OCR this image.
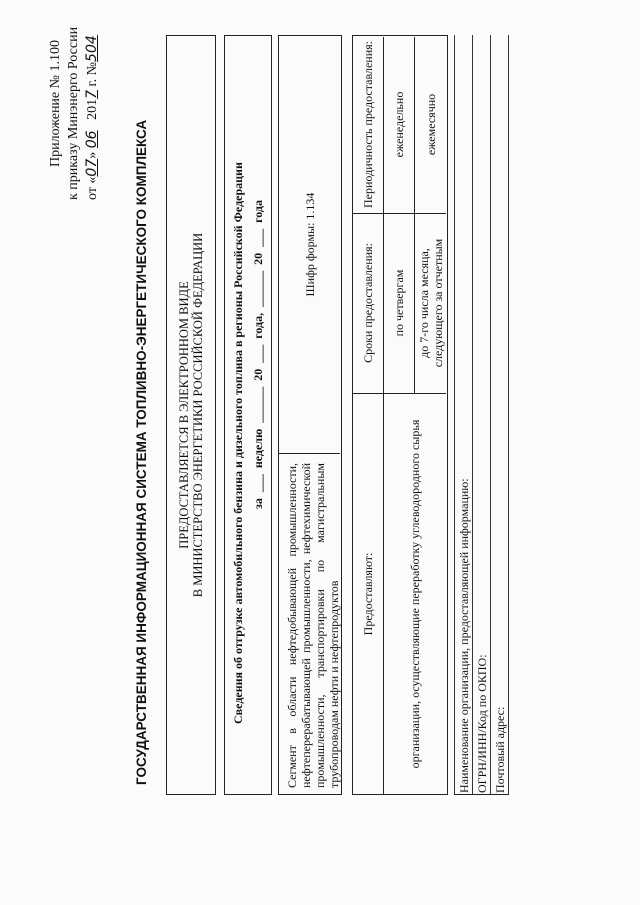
Приложение № 1.100 к приказу Минэнерго России от «07» 06   2017 г. №504
ГОСУДАРСТВЕННАЯ ИНФОРМАЦИОННАЯ СИСТЕМА ТОПЛИВНО-ЭНЕРГЕТИЧЕСКОГО КОМПЛЕКСА ПРЕДОСТАВЛЯЕТСЯ В ЭЛЕКТРОННОМ ВИДЕ В МИНИСТЕРСТВО ЭНЕРГЕТИКИ РОССИЙСКОЙ ФЕДЕРАЦИИ Сведения об отгрузке автомобильного бензина и дизельного топлива в регионы Российской Федерации за ___ неделю ______ 20 ___ года, ______ 20 ___ года
Сегмент в области нефтедобывающей промышленности, нефтеперерабатывающей промышленности, нефтехимической промышленности, транспортировки по магистральным трубопроводам нефти и нефтепродуктов
Шифр формы: 1.134
Предоставляют:
Сроки предоставления:
Периодичность предоставления:
организации, осуществляющие переработку углеводородного сырья
по четвергам до 7-го числа месяца, следующего за отчетным
еженедельно	ежемесячно
Наименование организации, предоставляющей информацию: ОГРН/ИНН/Код по ОКПО: Почтовый адрес:
